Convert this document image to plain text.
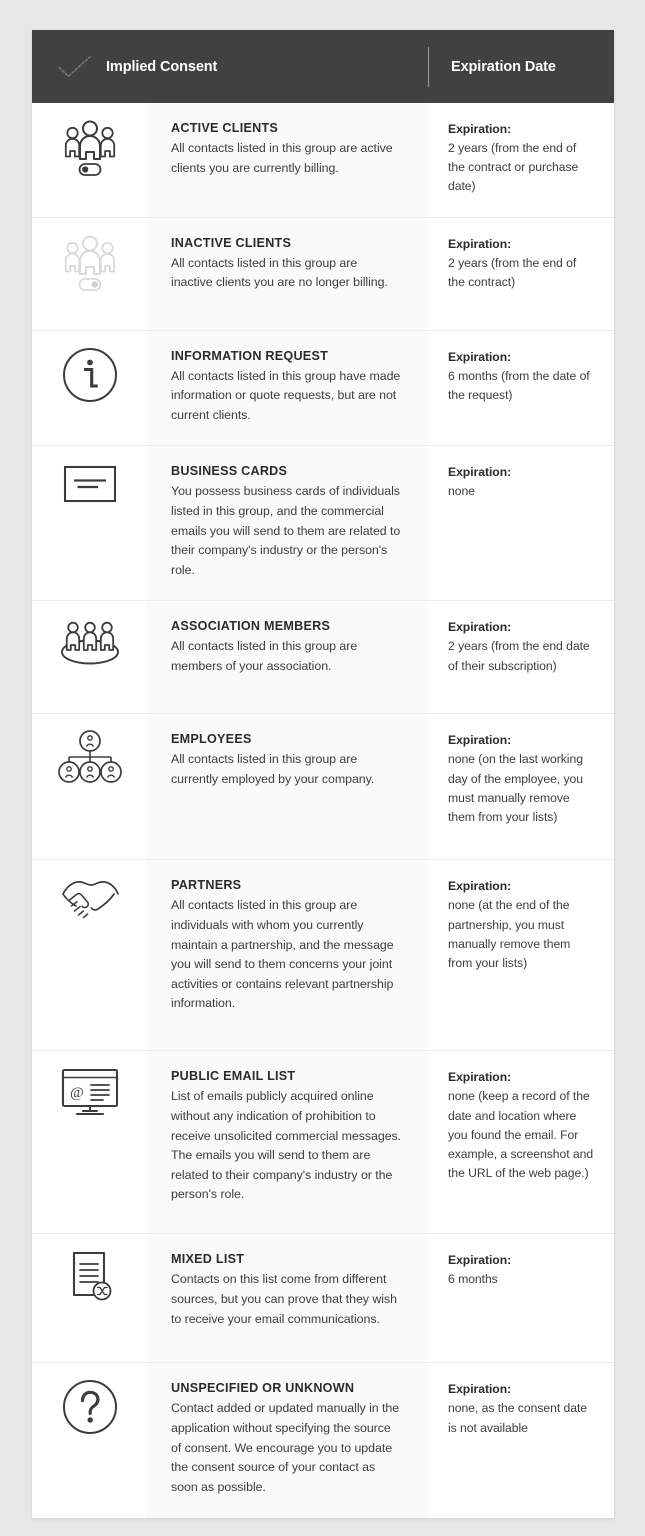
Implied Consent	Expiration Date
ACTIVE CLIENTS
All contacts listed in this group are active clients you are currently billing.
Expiration:
2 years (from the end of the contract or purchase date)
INACTIVE CLIENTS
All contacts listed in this group are inactive clients you are no longer billing.
Expiration:
2 years (from the end of the contract)
INFORMATION REQUEST
All contacts listed in this group have made information or quote requests, but are not current clients.
Expiration:
6 months (from the date of the request)
BUSINESS CARDS
You possess business cards of individuals listed in this group, and the commercial emails you will send to them are related to their company's industry or the person's role.
Expiration:
none
ASSOCIATION MEMBERS
All contacts listed in this group are members of your association.
Expiration:
2 years (from the end date of their subscription)
EMPLOYEES
All contacts listed in this group are currently employed by your company.
Expiration:
none (on the last working day of the employee, you must manually remove them from your lists)
PARTNERS
All contacts listed in this group are individuals with whom you currently maintain a partnership, and the message you will send to them concerns your joint activities or contains relevant partnership information.
Expiration:
none (at the end of the partnership, you must manually remove them from your lists)
@
PUBLIC EMAIL LIST
List of emails publicly acquired online without any indication of prohibition to receive unsolicited commercial messages. The emails you will send to them are related to their company's industry or the person's role.
Expiration:
none (keep a record of the date and location where you found the email. For example, a screenshot and the URL of the web page.)
MIXED LIST
Contacts on this list come from different sources, but you can prove that they wish to receive your email communications.
Expiration:
6 months
UNSPECIFIED OR UNKNOWN
Contact added or updated manually in the application without specifying the source of consent. We encourage you to update the consent source of your contact as soon as possible.
Expiration:
none, as the consent date is not available
